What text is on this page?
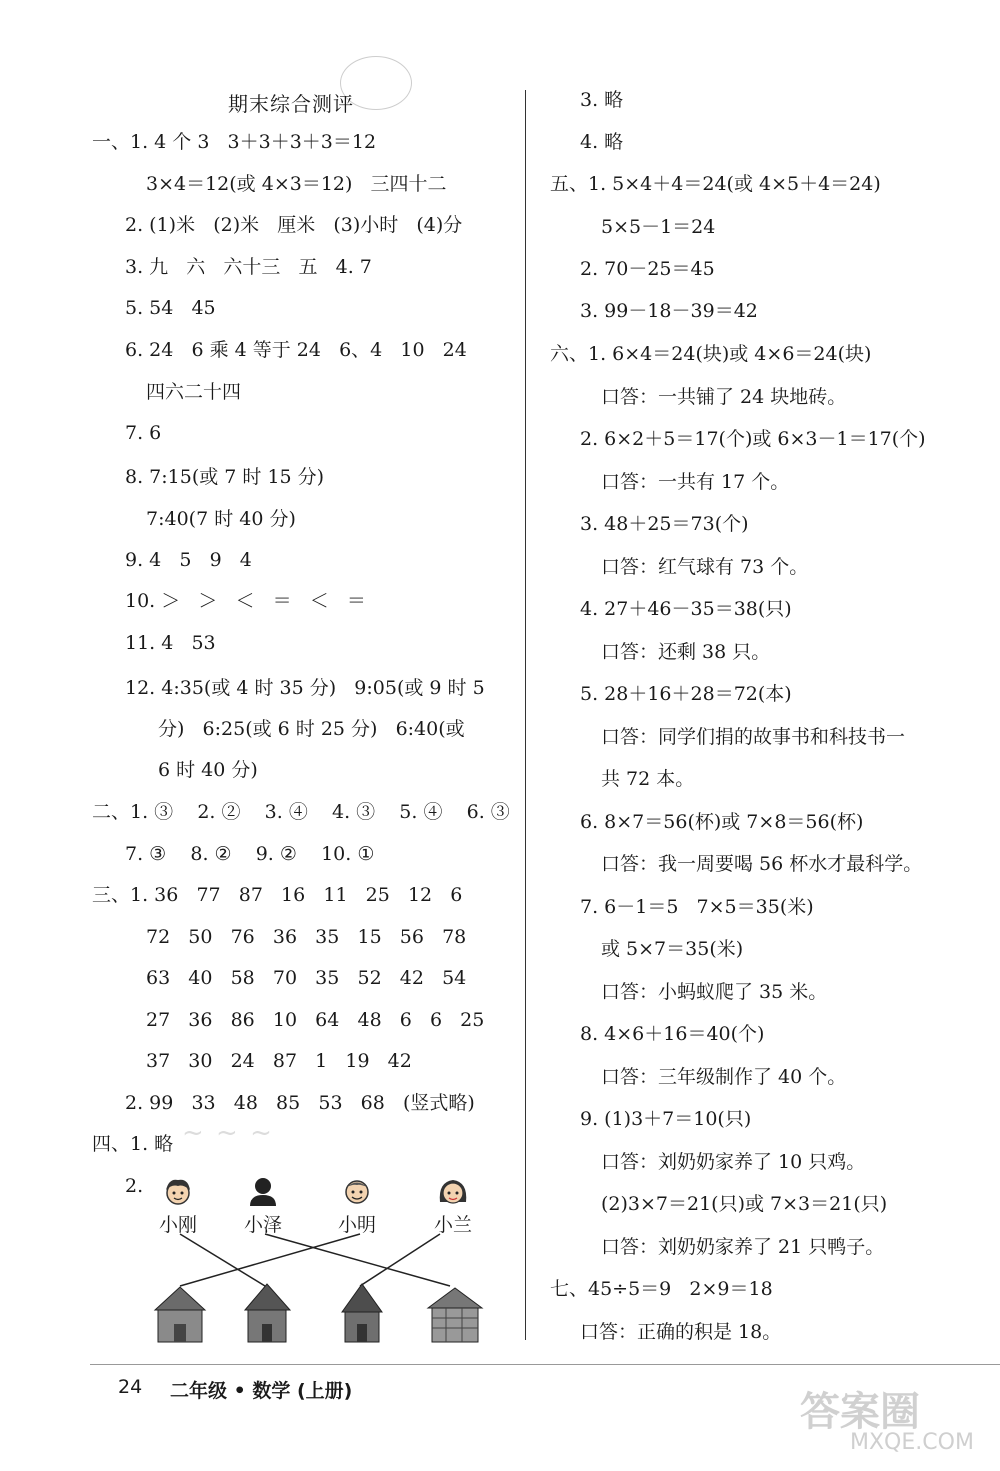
期末综合测评
一、1. 4 个 3   3＋3＋3＋3＝12
3×4＝12(或 4×3＝12)   三四十二
2. (1)米   (2)米   厘米   (3)小时   (4)分
3. 九   六   六十三   五   4. 7
5. 54   45
6. 24   6 乘 4 等于 24   6、4   10   24
四六二十四
7. 6
8. 7:15(或 7 时 15 分)
7:40(7 时 40 分)
9. 4   5   9   4
10. ＞   ＞   ＜   ＝   ＜   ＝
11. 4   53
12. 4:35(或 4 时 35 分)   9:05(或 9 时 5
分)   6:25(或 6 时 25 分)   6:40(或
6 时 40 分)
二、1. ③    2. ②    3. ④    4. ③    5. ④    6. ③
7. ③    8. ②    9. ②    10. ①
三、1. 36   77   87   16   11   25   12   6
72   50   76   36   35   15   56   78
63   40   58   70   35   52   42   54
27   36   86   10   64   48   6   6   25
37   30   24   87   1   19   42
2. 99   33   48   85   53   68   (竖式略)
四、1. 略
2.
小刚	小泽	小明	小兰
3. 略
4. 略
五、1. 5×4＋4＝24(或 4×5＋4＝24)
5×5－1＝24
2. 70－25＝45
3. 99－18－39＝42
六、1. 6×4＝24(块)或 4×6＝24(块)
口答：一共铺了 24 块地砖。
2. 6×2＋5＝17(个)或 6×3－1＝17(个)
口答：一共有 17 个。
3. 48＋25＝73(个)
口答：红气球有 73 个。
4. 27＋46－35＝38(只)
口答：还剩 38 只。
5. 28＋16＋28＝72(本)
口答：同学们捐的故事书和科技书一
共 72 本。
6. 8×7＝56(杯)或 7×8＝56(杯)
口答：我一周要喝 56 杯水才最科学。
7. 6－1＝5   7×5＝35(米)
或 5×7＝35(米)
口答：小蚂蚁爬了 35 米。
8. 4×6＋16＝40(个)
口答：三年级制作了 40 个。
9. (1)3＋7＝10(只)
口答：刘奶奶家养了 10 只鸡。
(2)3×7＝21(只)或 7×3＝21(只)
口答：刘奶奶家养了 21 只鸭子。
七、45÷5＝9   2×9＝18
口答：正确的积是 18。
~ ~ ~
答案圈
MXQE.COM
24 二年级 • 数学 (上册)
